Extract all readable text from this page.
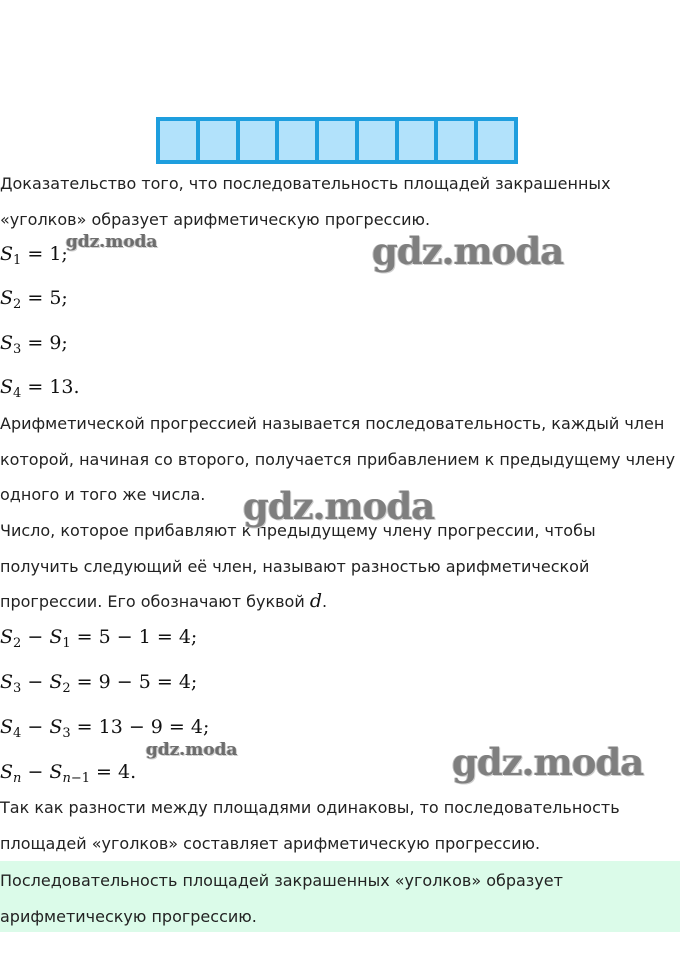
Доказательство того, что последовательность площадей закрашенных
«уголков» образует арифметическую прогрессию.
$S_1 = 1$;
$S_2 = 5$;
$S_3 = 9$;
$S_4 = 13$.
Арифметической прогрессией называется последовательность, каждый член
которой, начиная со второго, получается прибавлением к предыдущему члену
одного и того же числа.
Число, которое прибавляют к предыдущему члену прогрессии, чтобы
получить следующий её член, называют разностью арифметической
прогрессии. Его обозначают буквой d.
$S_2 - S_1 = 5 - 1 = 4$;
$S_3 - S_2 = 9 - 5 = 4$;
$S_4 - S_3 = 13 - 9 = 4$;
$S_n - S_{n-1} = 4$.
Так как разности между площадями одинаковы, то последовательность
площадей «уголков» составляет арифметическую прогрессию.
Последовательность площадей закрашенных «уголков» образует
арифметическую прогрессию.
gdz.moda	gdz.moda
gdz.moda
gdz.moda	gdz.moda
